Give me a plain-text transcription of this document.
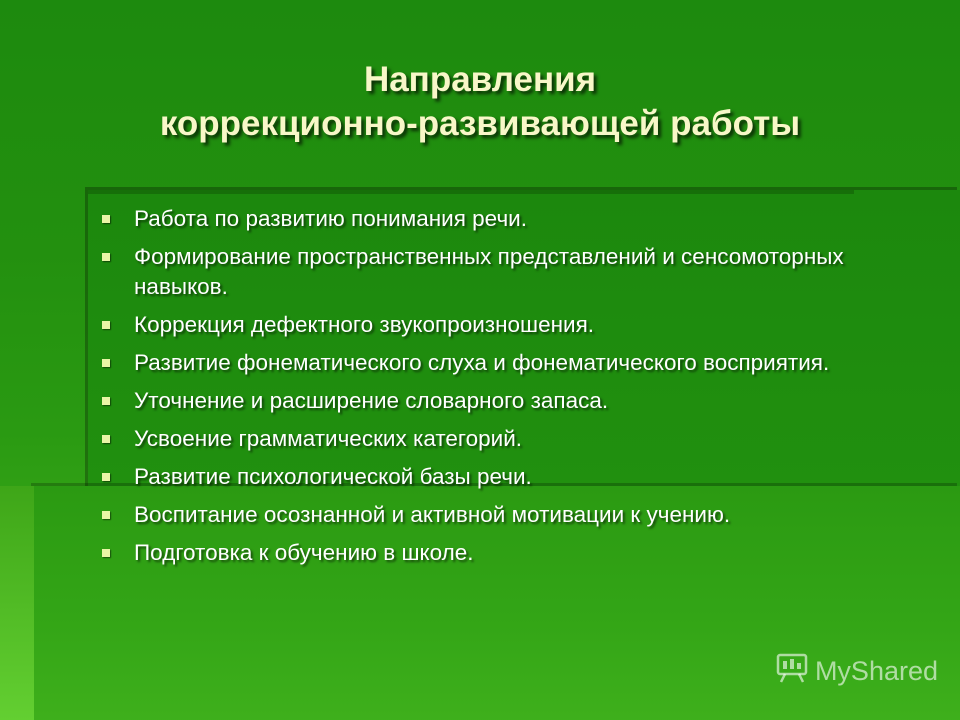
Направления
коррекционно-развивающей работы
Работа по развитию понимания речи.
Формирование пространственных представлений и сенсомоторных навыков.
Коррекция дефектного звукопроизношения.
Развитие фонематического слуха и фонематического восприятия.
Уточнение и расширение словарного запаса.
Усвоение грамматических категорий.
Развитие психологической базы речи.
Воспитание осознанной и активной мотивации к учению.
Подготовка к обучению в школе.
MyShared
